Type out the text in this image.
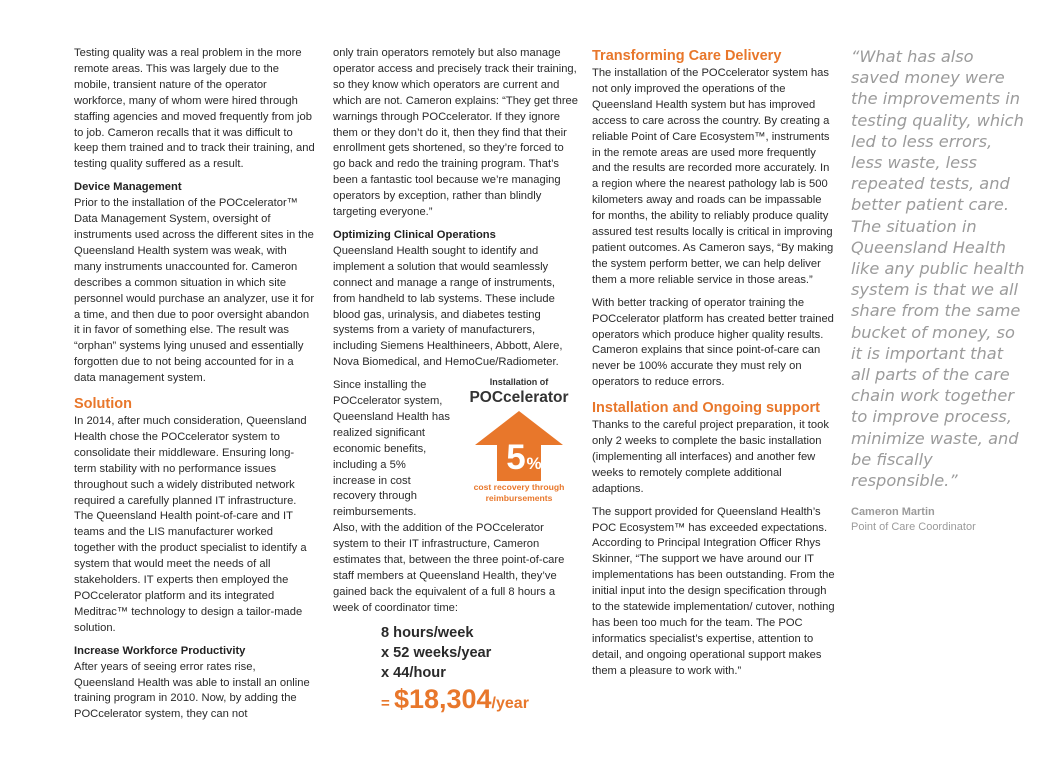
Testing quality was a real problem in the more remote areas. This was largely due to the mobile, transient nature of the operator workforce, many of whom were hired through staffing agencies and moved frequently from job to job. Cameron recalls that it was difficult to keep them trained and to track their training, and testing quality suffered as a result.

Device Management

Prior to the installation of the POCcelerator™ Data Management System, oversight of instruments used across the different sites in the Queensland Health system was weak, with many instruments unaccounted for. Cameron describes a common situation in which site personnel would purchase an analyzer, use it for a time, and then due to poor oversight abandon it in favor of something else. The result was “orphan” systems lying unused and essentially forgotten due to not being accounted for in a data management system.

Solution

In 2014, after much consideration, Queensland Health chose the POCcelerator system to consolidate their middleware. Ensuring long-term stability with no performance issues throughout such a widely distributed network required a carefully planned IT infrastructure. The Queensland Health point-of-care and IT teams and the LIS manufacturer worked together with the product specialist to identify a system that would meet the needs of all stakeholders. IT experts then employed the POCcelerator platform and its integrated Meditrac™ technology to design a tailor-made solution.

Increase Workforce Productivity

After years of seeing error rates rise, Queensland Health was able to install an online training program in 2010. Now, by adding the POCcelerator system, they can not

only train operators remotely but also manage operator access and precisely track their training, so they know which operators are current and which are not. Cameron explains: “They get three warnings through POCcelerator. If they ignore them or they don’t do it, then they find that their enrollment gets shortened, so they’re forced to go back and redo the training program. That’s been a fantastic tool because we’re managing operators by exception, rather than blindly targeting everyone.”

Optimizing Clinical Operations

Queensland Health sought to identify and implement a solution that would seamlessly connect and manage a range of instruments, from handheld to lab systems. These include blood gas, urinalysis, and diabetes testing systems from a variety of manufacturers, including Siemens Healthineers, Abbott, Alere, Nova Biomedical, and HemoCue/Radiometer.

Since installing the POCcelerator system, Queensland Health has realized significant economic benefits, including a 5% increase in cost recovery through reimbursements.

Installation of
POCcelerator
5 %
cost recovery through reimbursements

Also, with the addition of the POCcelerator system to their IT infrastructure, Cameron estimates that, between the three point-of-care staff members at Queensland Health, they’ve gained back the equivalent of a full 8 hours a week of coordinator time:

8 hours/week
x 52 weeks/year
x 44/hour
= $18,304/year

Transforming Care Delivery

The installation of the POCcelerator system has not only improved the operations of the Queensland Health system but has improved access to care across the country. By creating a reliable Point of Care Ecosystem™, instruments in the remote areas are used more frequently and the results are recorded more accurately. In a region where the nearest pathology lab is 500 kilometers away and roads can be impassable for months, the ability to reliably produce quality assured test results locally is critical in improving patient outcomes. As Cameron says, “By making the system perform better, we can help deliver them a more reliable service in those areas.”

With better tracking of operator training the POCcelerator platform has created better trained operators which produce higher quality results. Cameron explains that since point-of-care can never be 100% accurate they must rely on operators to reduce errors.

Installation and Ongoing support

Thanks to the careful project preparation, it took only 2 weeks to complete the basic installation (implementing all interfaces) and another few weeks to remotely complete additional adaptions.

The support provided for Queensland Health’s POC Ecosystem™ has exceeded expectations. According to Principal Integration Officer Rhys Skinner, “The support we have around our IT implementations has been outstanding. From the initial input into the design specification through to the statewide implementation/ cutover, nothing has been too much for the team. The POC informatics specialist’s expertise, attention to detail, and ongoing operational support makes them a pleasure to work with.”

“What has also saved money were the improvements in testing quality, which led to less errors, less waste, less repeated tests, and better patient care. The situation in Queensland Health like any public health system is that we all share from the same bucket of money, so it is important that all parts of the care chain work together to improve process, minimize waste, and be fiscally responsible.”

Cameron Martin

Point of Care Coordinator
